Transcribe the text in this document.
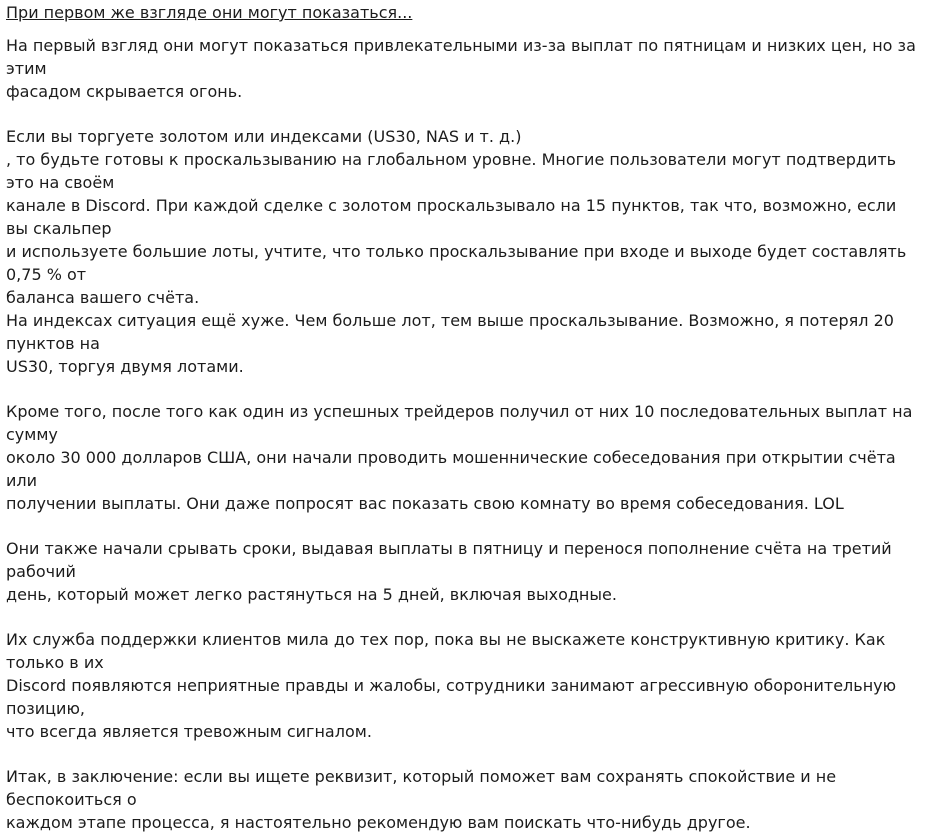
При первом же взгляде они могут показаться...
На первый взгляд они могут показаться привлекательными из-за выплат по пятницам и низких цен, но за этим
фасадом скрывается огонь.
Если вы торгуете золотом или индексами (US30, NAS и т. д.)
, то будьте готовы к проскальзыванию на глобальном уровне. Многие пользователи могут подтвердить это на своём
канале в Discord. При каждой сделке с золотом проскальзывало на 15 пунктов, так что, возможно, если вы скальпер
и используете большие лоты, учтите, что только проскальзывание при входе и выходе будет составлять 0,75 % от
баланса вашего счёта.
На индексах ситуация ещё хуже. Чем больше лот, тем выше проскальзывание. Возможно, я потерял 20 пунктов на
US30, торгуя двумя лотами.
Кроме того, после того как один из успешных трейдеров получил от них 10 последовательных выплат на сумму
около 30 000 долларов США, они начали проводить мошеннические собеседования при открытии счёта или
получении выплаты. Они даже попросят вас показать свою комнату во время собеседования. LOL
Они также начали срывать сроки, выдавая выплаты в пятницу и перенося пополнение счёта на третий рабочий
день, который может легко растянуться на 5 дней, включая выходные.
Их служба поддержки клиентов мила до тех пор, пока вы не выскажете конструктивную критику. Как только в их
Discord появляются неприятные правды и жалобы, сотрудники занимают агрессивную оборонительную позицию,
что всегда является тревожным сигналом.
Итак, в заключение: если вы ищете реквизит, который поможет вам сохранять спокойствие и не беспокоиться о
каждом этапе процесса, я настоятельно рекомендую вам поискать что-нибудь другое.
